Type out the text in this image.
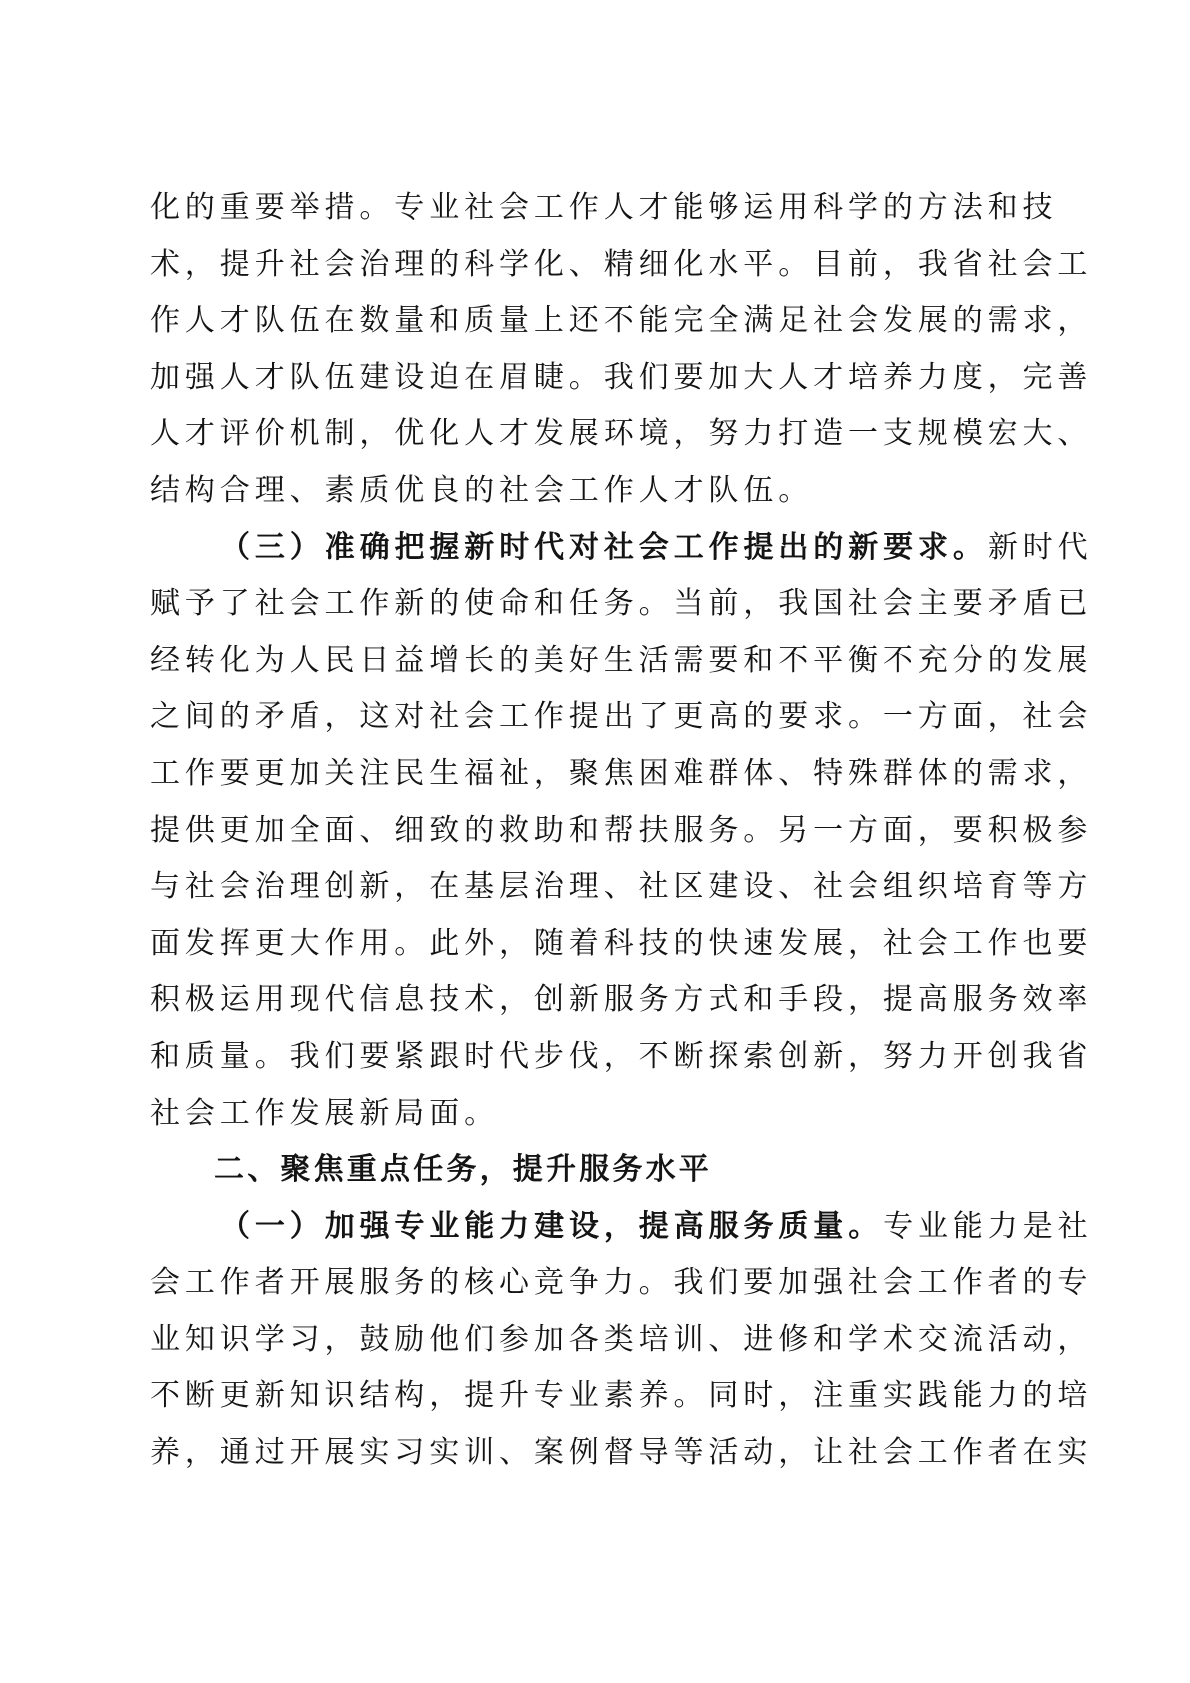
化的重要举措。专业社会工作人才能够运用科学的方法和技
术，提升社会治理的科学化、精细化水平。目前，我省社会工
作人才队伍在数量和质量上还不能完全满足社会发展的需求，
加强人才队伍建设迫在眉睫。我们要加大人才培养力度，完善
人才评价机制，优化人才发展环境，努力打造一支规模宏大、
结构合理、素质优良的社会工作人才队伍。
（三）准确把握新时代对社会工作提出的新要求。新时代
赋予了社会工作新的使命和任务。当前，我国社会主要矛盾已
经转化为人民日益增长的美好生活需要和不平衡不充分的发展
之间的矛盾，这对社会工作提出了更高的要求。一方面，社会
工作要更加关注民生福祉，聚焦困难群体、特殊群体的需求，
提供更加全面、细致的救助和帮扶服务。另一方面，要积极参
与社会治理创新，在基层治理、社区建设、社会组织培育等方
面发挥更大作用。此外，随着科技的快速发展，社会工作也要
积极运用现代信息技术，创新服务方式和手段，提高服务效率
和质量。我们要紧跟时代步伐，不断探索创新，努力开创我省
社会工作发展新局面。
二、聚焦重点任务，提升服务水平
（一）加强专业能力建设，提高服务质量。专业能力是社
会工作者开展服务的核心竞争力。我们要加强社会工作者的专
业知识学习，鼓励他们参加各类培训、进修和学术交流活动，
不断更新知识结构，提升专业素养。同时，注重实践能力的培
养，通过开展实习实训、案例督导等活动，让社会工作者在实
